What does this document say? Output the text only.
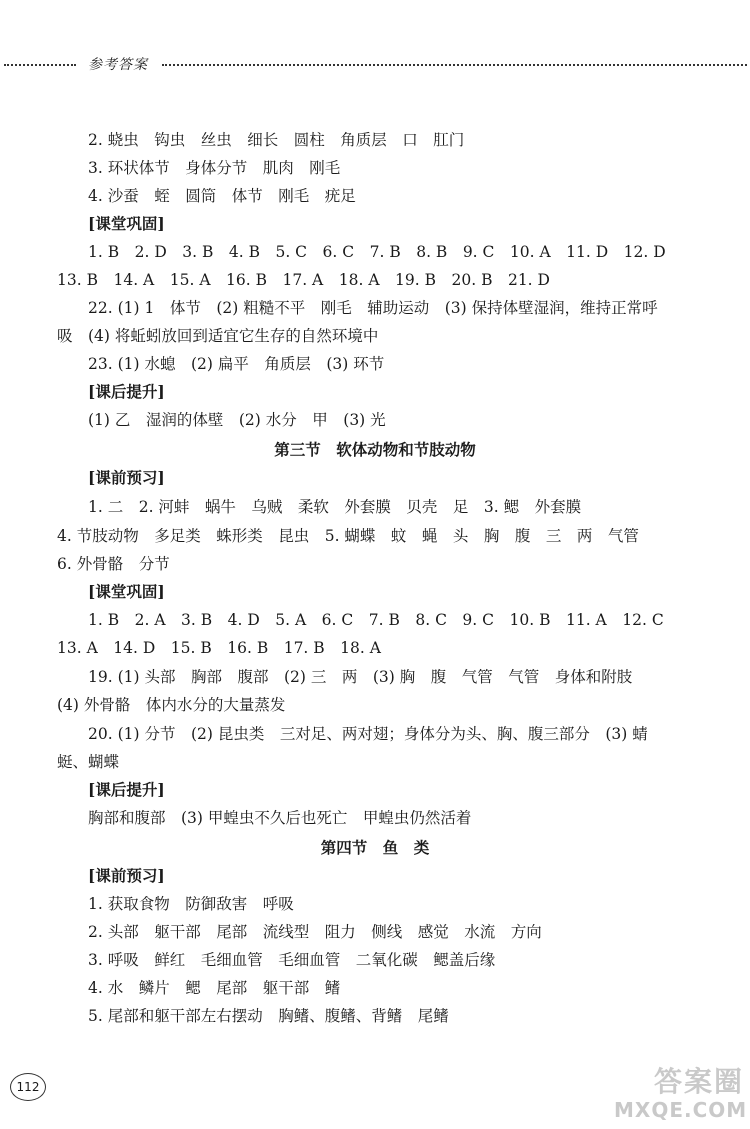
参考答案
2. 蛲虫　钩虫　丝虫　细长　圆柱　角质层　口　肛门
3. 环状体节　身体分节　肌肉　刚毛
4. 沙蚕　蛭　圆筒　体节　刚毛　疣足
[课堂巩固]
1. B　2. D　3. B　4. B　5. C　6. C　7. B　8. B　9. C　10. A　11. D　12. D
13. B　14. A　15. A　16. B　17. A　18. A　19. B　20. B　21. D
22. (1) 1　体节　(2) 粗糙不平　刚毛　辅助运动　(3) 保持体壁湿润，维持正常呼
吸　(4) 将蚯蚓放回到适宜它生存的自然环境中
23. (1) 水螅　(2) 扁平　角质层　(3) 环节
[课后提升]
(1) 乙　湿润的体壁　(2) 水分　甲　(3) 光
第三节　软体动物和节肢动物
[课前预习]
1. 二　2. 河蚌　蜗牛　乌贼　柔软　外套膜　贝壳　足　3. 鳃　外套膜
4. 节肢动物　多足类　蛛形类　昆虫　5. 蝴蝶　蚊　蝇　头　胸　腹　三　两　气管
6. 外骨骼　分节
[课堂巩固]
1. B　2. A　3. B　4. D　5. A　6. C　7. B　8. C　9. C　10. B　11. A　12. C
13. A　14. D　15. B　16. B　17. B　18. A
19. (1) 头部　胸部　腹部　(2) 三　两　(3) 胸　腹　气管　气管　身体和附肢
(4) 外骨骼　体内水分的大量蒸发
20. (1) 分节　(2) 昆虫类　三对足、两对翅；身体分为头、胸、腹三部分　(3) 蜻
蜓、蝴蝶
[课后提升]
胸部和腹部　(3) 甲蝗虫不久后也死亡　甲蝗虫仍然活着
第四节　鱼　类
[课前预习]
1. 获取食物　防御敌害　呼吸
2. 头部　躯干部　尾部　流线型　阻力　侧线　感觉　水流　方向
3. 呼吸　鲜红　毛细血管　毛细血管　二氧化碳　鳃盖后缘
4. 水　鳞片　鳃　尾部　躯干部　鳍
5. 尾部和躯干部左右摆动　胸鳍、腹鳍、背鳍　尾鳍
112	答案圈
MXQE.COM
